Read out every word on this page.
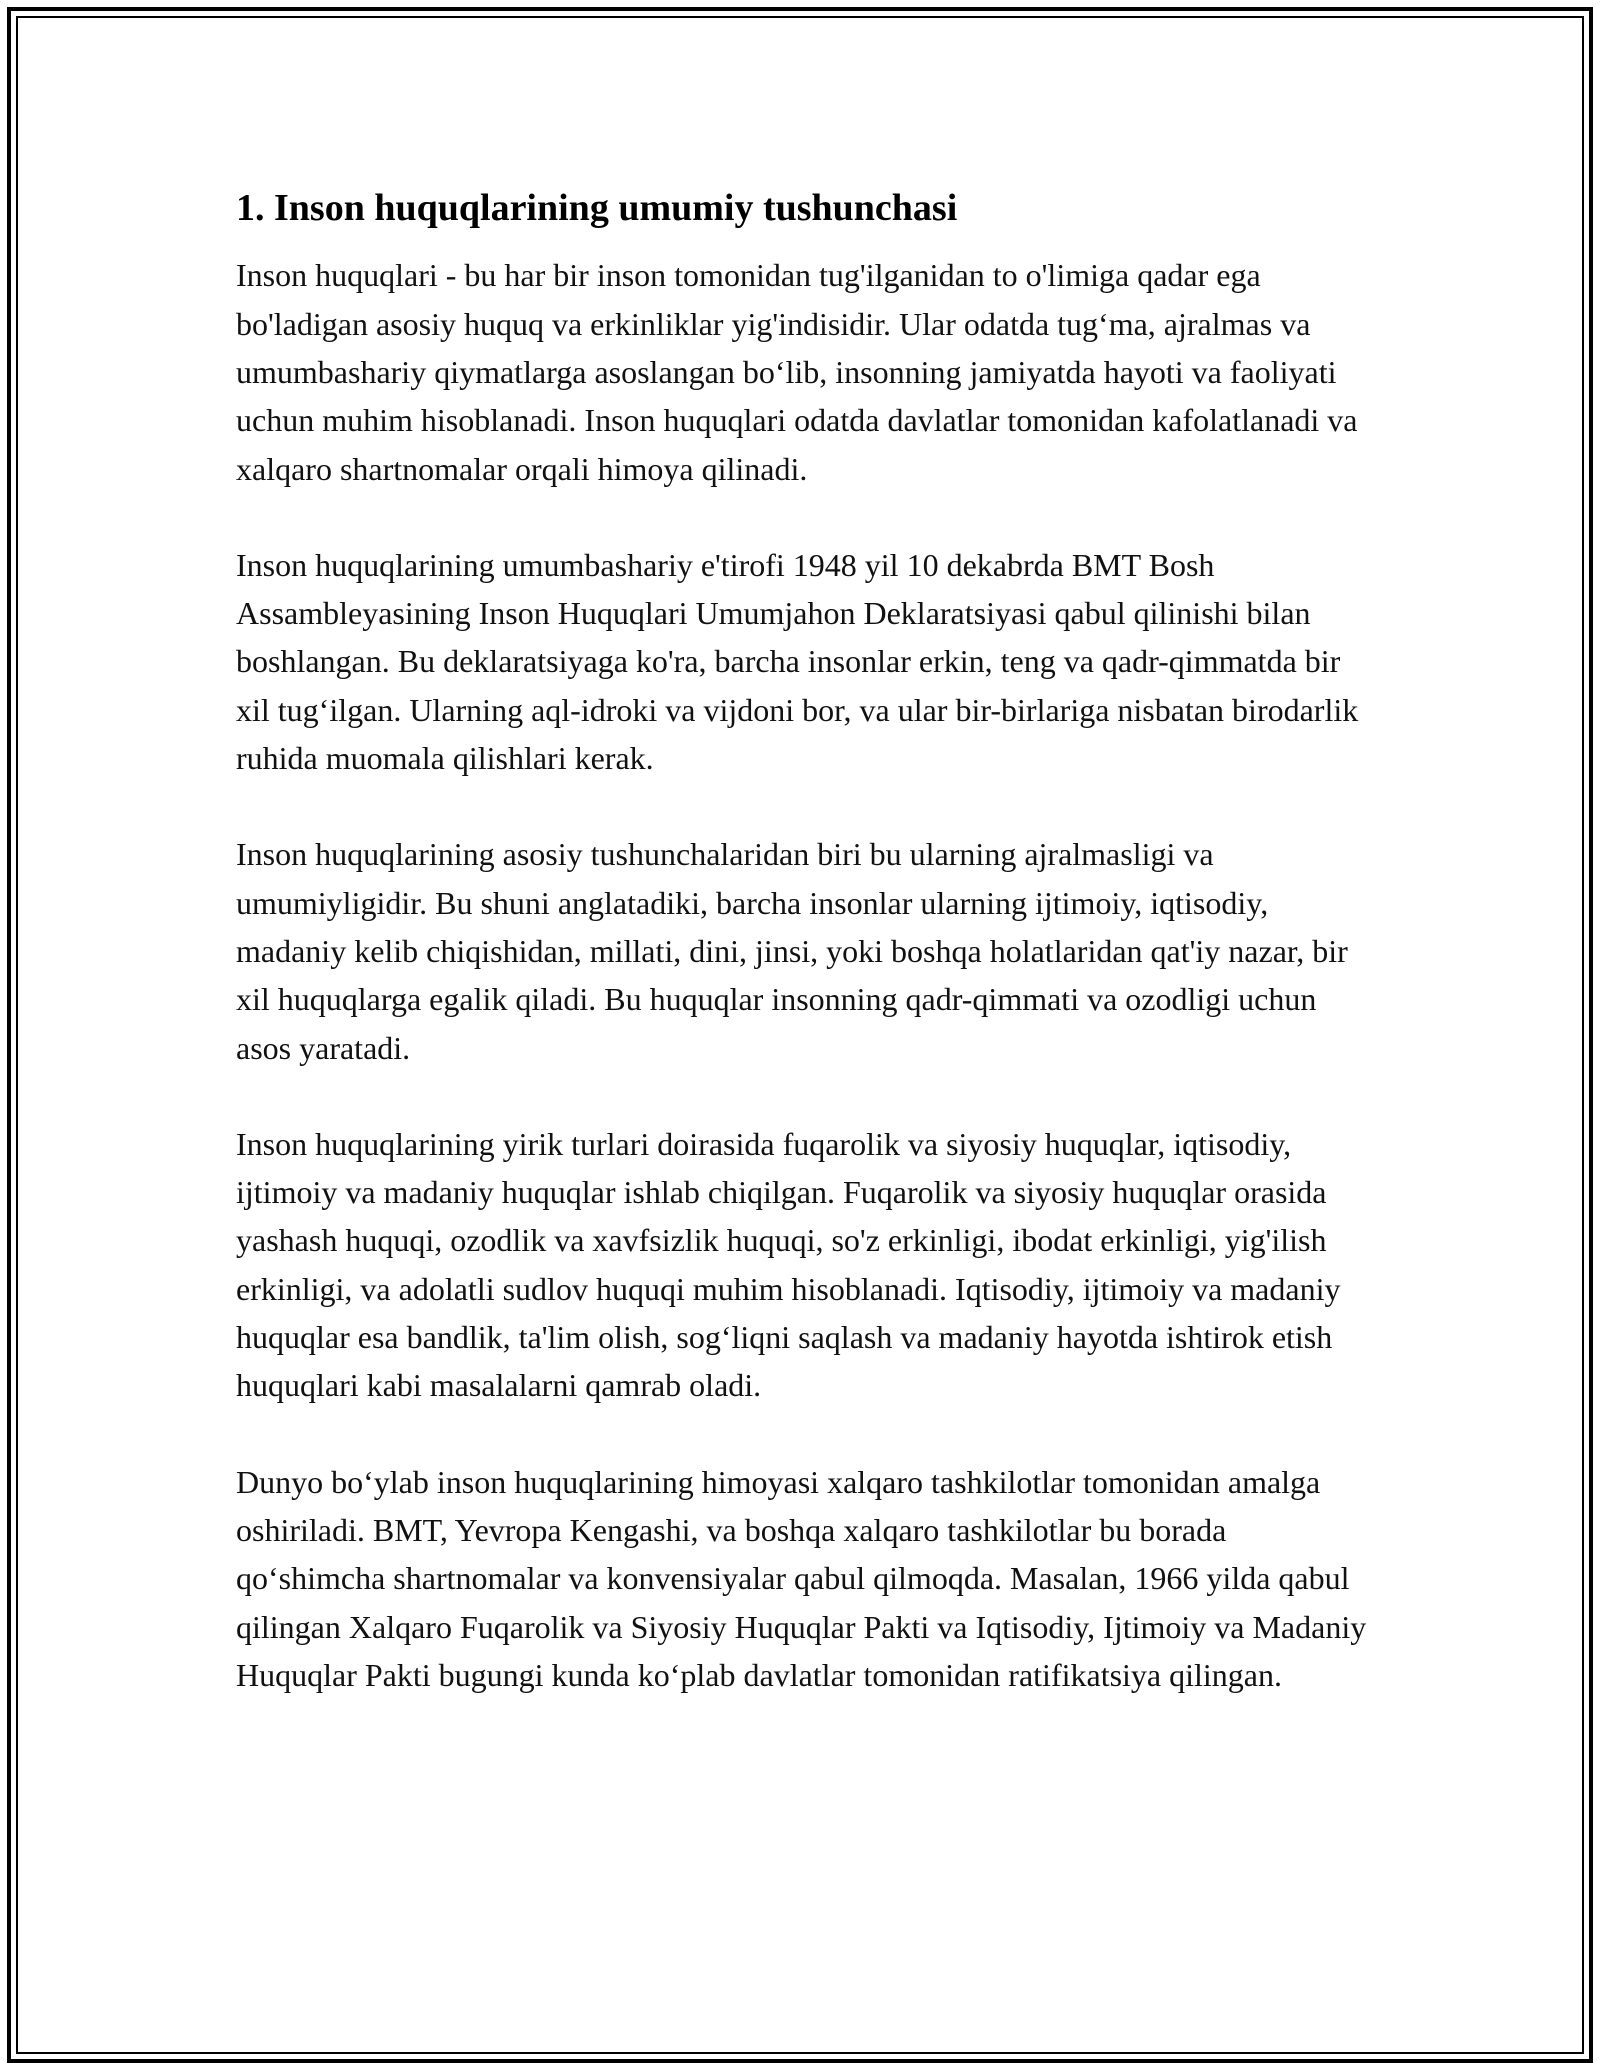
1. Inson huquqlarining umumiy tushunchasi

Inson huquqlari - bu har bir inson tomonidan tug'ilganidan to o'limiga qadar ega bo'ladigan asosiy huquq va erkinliklar yig'indisidir. Ular odatda tug‘ma, ajralmas va umumbashariy qiymatlarga asoslangan bo‘lib, insonning jamiyatda hayoti va faoliyati uchun muhim hisoblanadi. Inson huquqlari odatda davlatlar tomonidan kafolatlanadi va xalqaro shartnomalar orqali himoya qilinadi.

Inson huquqlarining umumbashariy e'tirofi 1948 yil 10 dekabrda BMT Bosh Assambleyasining Inson Huquqlari Umumjahon Deklaratsiyasi qabul qilinishi bilan boshlangan. Bu deklaratsiyaga ko'ra, barcha insonlar erkin, teng va qadr-qimmatda bir xil tug‘ilgan. Ularning aql-idroki va vijdoni bor, va ular bir-birlariga nisbatan birodarlik ruhida muomala qilishlari kerak.

Inson huquqlarining asosiy tushunchalaridan biri bu ularning ajralmasligi va umumiyligidir. Bu shuni anglatadiki, barcha insonlar ularning ijtimoiy, iqtisodiy, madaniy kelib chiqishidan, millati, dini, jinsi, yoki boshqa holatlaridan qat'iy nazar, bir xil huquqlarga egalik qiladi. Bu huquqlar insonning qadr-qimmati va ozodligi uchun asos yaratadi.

Inson huquqlarining yirik turlari doirasida fuqarolik va siyosiy huquqlar, iqtisodiy, ijtimoiy va madaniy huquqlar ishlab chiqilgan. Fuqarolik va siyosiy huquqlar orasida yashash huquqi, ozodlik va xavfsizlik huquqi, so'z erkinligi, ibodat erkinligi, yig'ilish erkinligi, va adolatli sudlov huquqi muhim hisoblanadi. Iqtisodiy, ijtimoiy va madaniy huquqlar esa bandlik, ta'lim olish, sog‘liqni saqlash va madaniy hayotda ishtirok etish huquqlari kabi masalalarni qamrab oladi.

Dunyo bo‘ylab inson huquqlarining himoyasi xalqaro tashkilotlar tomonidan amalga oshiriladi. BMT, Yevropa Kengashi, va boshqa xalqaro tashkilotlar bu borada qo‘shimcha shartnomalar va konvensiyalar qabul qilmoqda. Masalan, 1966 yilda qabul qilingan Xalqaro Fuqarolik va Siyosiy Huquqlar Pakti va Iqtisodiy, Ijtimoiy va Madaniy Huquqlar Pakti bugungi kunda ko‘plab davlatlar tomonidan ratifikatsiya qilingan.
